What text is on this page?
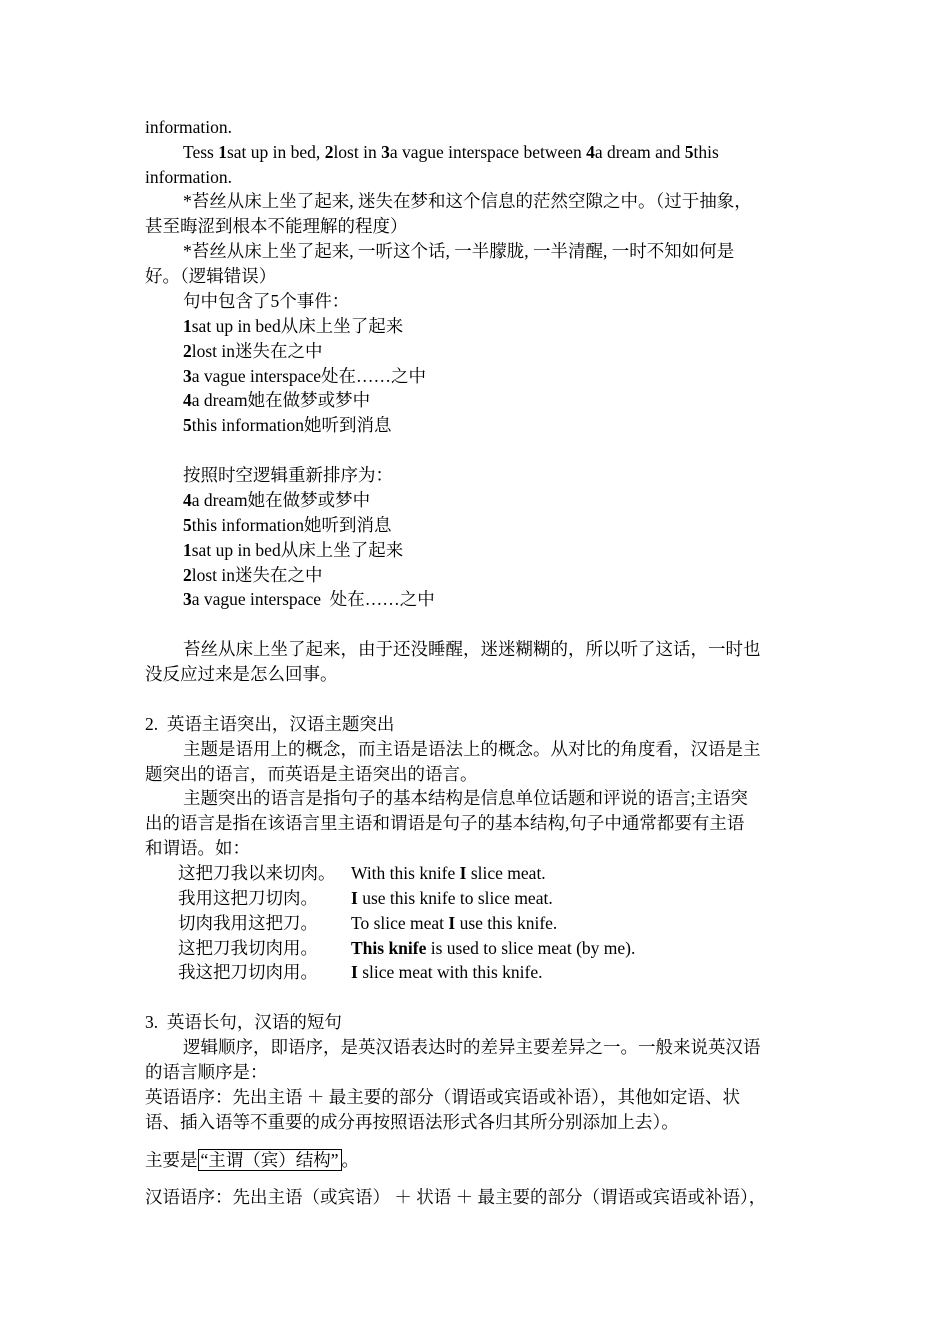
information.
Tess 1sat up in bed, 2lost in 3a vague interspace between 4a dream and 5this
information.
*苔丝从床上坐了起来, 迷失在梦和这个信息的茫然空隙之中。（过于抽象，
甚至晦涩到根本不能理解的程度）
*苔丝从床上坐了起来, 一听这个话, 一半朦胧, 一半清醒, 一时不知如何是
好。（逻辑错误）
句中包含了5个事件：
1sat up in bed从床上坐了起来
2lost in迷失在之中
3a vague interspace处在……之中
4a dream她在做梦或梦中
5this information她听到消息
按照时空逻辑重新排序为：
4a dream她在做梦或梦中
5this information她听到消息
1sat up in bed从床上坐了起来
2lost in迷失在之中
3a vague interspace  处在……之中
苔丝从床上坐了起来，由于还没睡醒，迷迷糊糊的，所以听了这话，一时也
没反应过来是怎么回事。
2.  英语主语突出，汉语主题突出
主题是语用上的概念，而主语是语法上的概念。从对比的角度看，汉语是主
题突出的语言，而英语是主语突出的语言。
主题突出的语言是指句子的基本结构是信息单位话题和评说的语言;主语突
出的语言是指在该语言里主语和谓语是句子的基本结构,句子中通常都要有主语
和谓语。如：
这把刀我以来切肉。 With this knife I slice meat.
我用这把刀切肉。 I use this knife to slice meat.
切肉我用这把刀。 To slice meat I use this knife.
这把刀我切肉用。 This knife is used to slice meat (by me).
我这把刀切肉用。 I slice meat with this knife.
3.  英语长句，汉语的短句
逻辑顺序，即语序，是英汉语表达时的差异主要差异之一。一般来说英汉语
的语言顺序是：
英语语序：先出主语 ＋ 最主要的部分（谓语或宾语或补语），其他如定语、状
语、插入语等不重要的成分再按照语法形式各归其所分别添加上去）。
主要是 “主谓（宾）结构” 。
汉语语序：先出主语（或宾语） ＋ 状语 ＋ 最主要的部分（谓语或宾语或补语），
